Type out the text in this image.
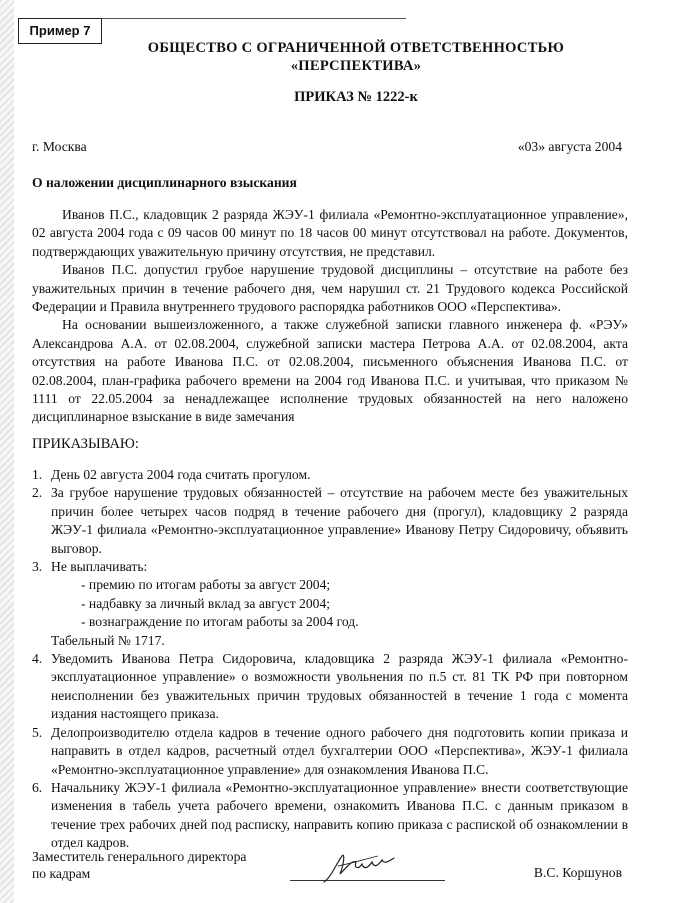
Пример 7
ОБЩЕСТВО С ОГРАНИЧЕННОЙ ОТВЕТСТВЕННОСТЬЮ
«ПЕРСПЕКТИВА»
ПРИКАЗ № 1222-к
г. Москва	«03» августа 2004
О наложении дисциплинарного взыскания

Иванов П.С., кладовщик 2 разряда ЖЭУ-1 филиала «Ремонтно-эксплуатационное управление», 02 августа 2004 года с 09 часов 00 минут по 18 часов 00 минут отсутствовал на работе. Документов, подтверждающих уважительную причину отсутствия, не представил.

Иванов П.С. допустил грубое нарушение трудовой дисциплины – отсутствие на работе без уважительных причин в течение рабочего дня, чем нарушил ст. 21 Трудового кодекса Российской Федерации и Правила внутреннего трудового распорядка работников ООО «Перспектива».

На основании вышеизложенного, а также служебной записки главного инженера ф. «РЭУ» Александрова А.А. от 02.08.2004, служебной записки мастера Петрова А.А. от 02.08.2004, акта отсутствия на работе Иванова П.С. от 02.08.2004, письменного объяснения Иванова П.С. от 02.08.2004, план-графика рабочего времени на 2004 год Иванова П.С. и учитывая, что приказом № 1111 от 22.05.2004 за ненадлежащее исполнение трудовых обязанностей на него наложено дисциплинарное взыскание в виде замечания

ПРИКАЗЫВАЮ:
1. День 02 августа 2004 года считать прогулом.
2. За грубое нарушение трудовых обязанностей – отсутствие на рабочем месте без уважительных причин более четырех часов подряд в течение рабочего дня (прогул), кладовщику 2 разряда ЖЭУ-1 филиала «Ремонтно-эксплуатационное управление» Иванову Петру Сидоровичу, объявить выговор.
3. Не выплачивать:
- премию по итогам работы за август 2004;
- надбавку за личный вклад за август 2004;
- вознаграждение по итогам работы за 2004 год.
Табельный № 1717.
4. Уведомить Иванова Петра Сидоровича, кладовщика 2 разряда ЖЭУ-1 филиала «Ремонтно-эксплуатационное управление» о возможности увольнения по п.5 ст. 81 ТК РФ при повторном неисполнении без уважительных причин трудовых обязанностей в течение 1 года с момента издания настоящего приказа.
5. Делопроизводителю отдела кадров в течение одного рабочего дня подготовить копии приказа и направить в отдел кадров, расчетный отдел бухгалтерии ООО «Перспектива», ЖЭУ-1 филиала «Ремонтно-эксплуатационное управление» для ознакомления Иванова П.С.
6. Начальнику ЖЭУ-1 филиала «Ремонтно-эксплуатационное управление» внести соответствующие изменения в табель учета рабочего времени, ознакомить Иванова П.С. с данным приказом в течение трех рабочих дней под расписку, направить копию приказа с распиской об ознакомлении в отдел кадров.
Заместитель генерального директора
по кадрам	В.С. Коршунов
